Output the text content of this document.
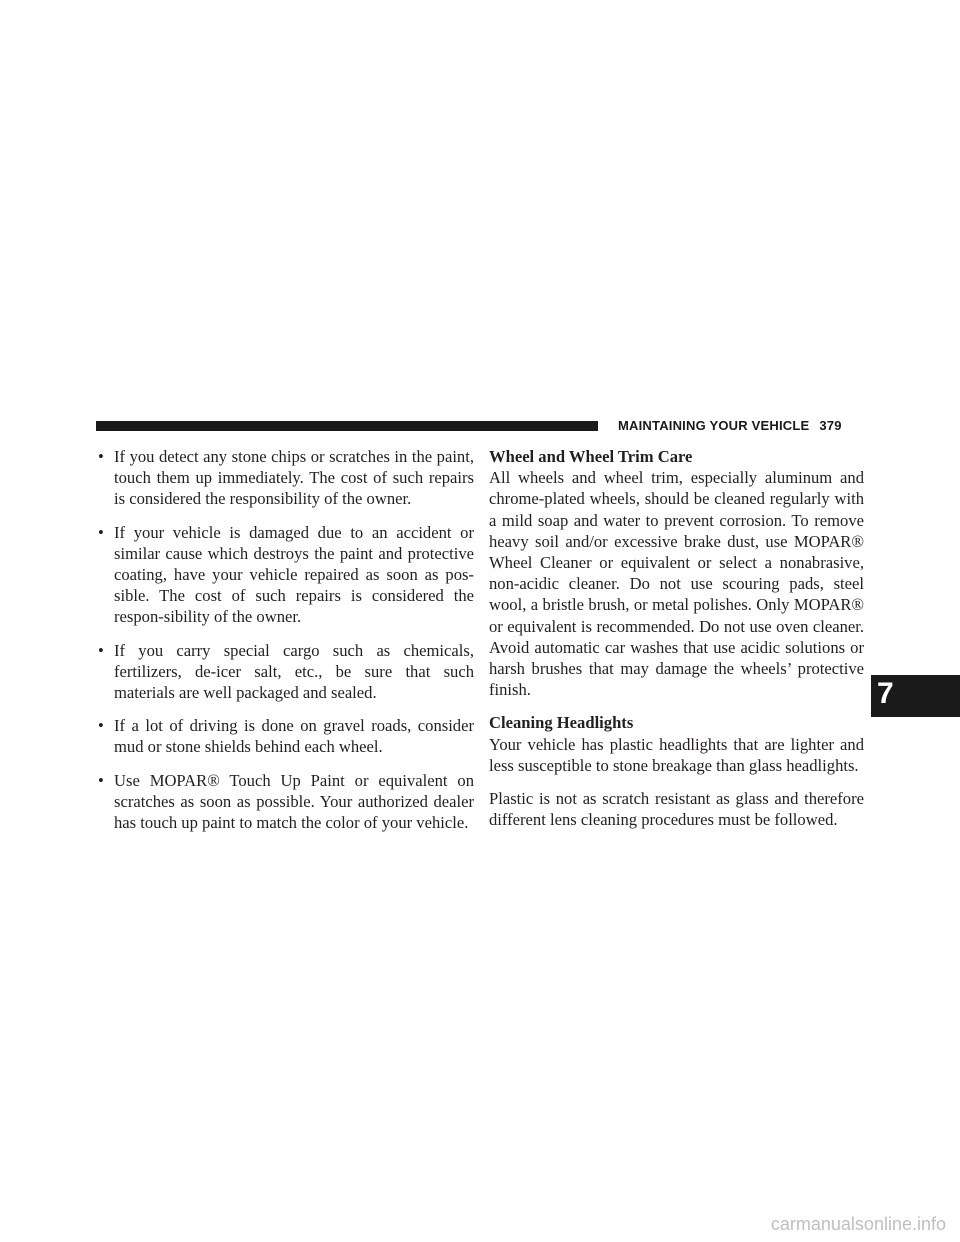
MAINTAINING YOUR VEHICLE 379
• If you detect any stone chips or scratches in the paint, touch them up immediately. The cost of such repairs is considered the responsibility of the owner.
• If your vehicle is damaged due to an accident or similar cause which destroys the paint and protective coating, have your vehicle repaired as soon as pos-sible. The cost of such repairs is considered the respon-sibility of the owner.
• If you carry special cargo such as chemicals, fertilizers, de-icer salt, etc., be sure that such materials are well packaged and sealed.
• If a lot of driving is done on gravel roads, consider mud or stone shields behind each wheel.
• Use MOPAR® Touch Up Paint or equivalent on scratches as soon as possible. Your authorized dealer has touch up paint to match the color of your vehicle.

Wheel and Wheel Trim Care

All wheels and wheel trim, especially aluminum and chrome-plated wheels, should be cleaned regularly with a mild soap and water to prevent corrosion. To remove heavy soil and/or excessive brake dust, use MOPAR® Wheel Cleaner or equivalent or select a nonabrasive, non-acidic cleaner. Do not use scouring pads, steel wool, a bristle brush, or metal polishes. Only MOPAR® or equivalent is recommended. Do not use oven cleaner. Avoid automatic car washes that use acidic solutions or harsh brushes that may damage the wheels’ protective finish.

Cleaning Headlights

Your vehicle has plastic headlights that are lighter and less susceptible to stone breakage than glass headlights.

Plastic is not as scratch resistant as glass and therefore different lens cleaning procedures must be followed.

7
carmanualsonline.info
